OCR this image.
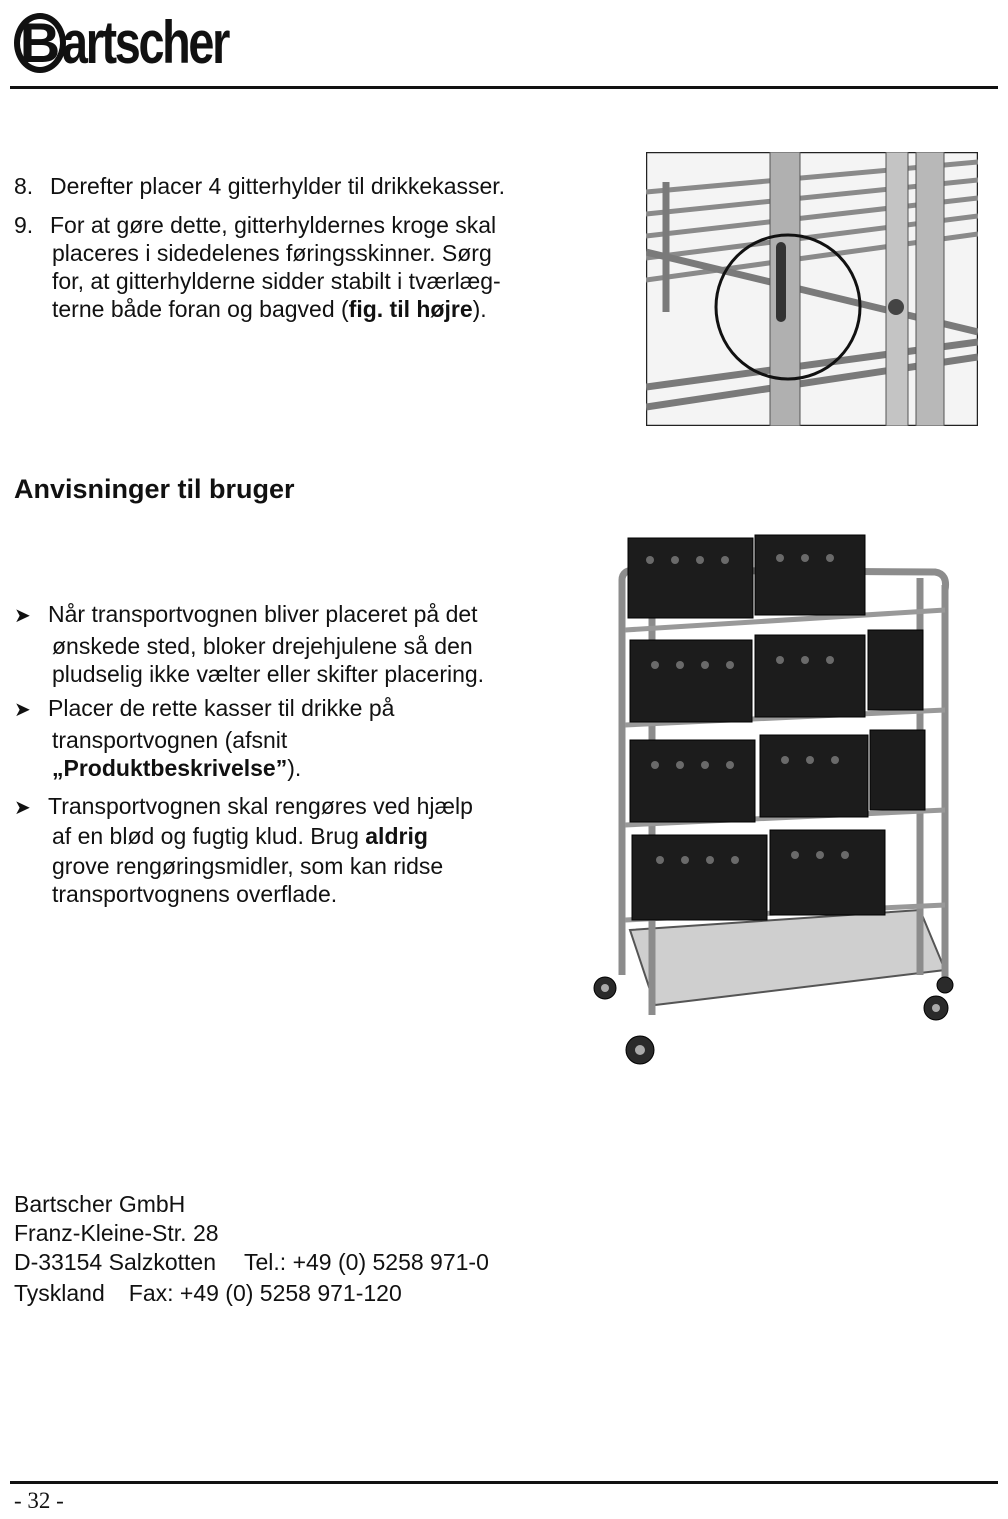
B artscher
8. Derefter placer 4 gitterhylder til drikkekasser.
9. For at gøre dette, gitterhyldernes kroge skal
placeres i sidedelenes føringsskinner. Sørg
for, at gitterhylderne sidder stabilt i tværlæg-
terne både foran og bagved (fig. til højre).
Anvisninger til bruger
➤ Når transportvognen bliver placeret på det
ønskede sted, bloker drejehjulene så den
pludselig ikke vælter eller skifter placering.
➤ Placer de rette kasser til drikke på
transportvognen (afsnit
„Produktbeskrivelse”).
➤ Transportvognen skal rengøres ved hjælp
af en blød og fugtig klud. Brug aldrig
grove rengøringsmidler, som kan ridse
transportvognens overflade.
Bartscher GmbH
Franz-Kleine-Str. 28
D-33154 Salzkotten Tel.: +49 (0) 5258 971-0
Tyskland Fax: +49 (0) 5258 971-120
- 32 -
